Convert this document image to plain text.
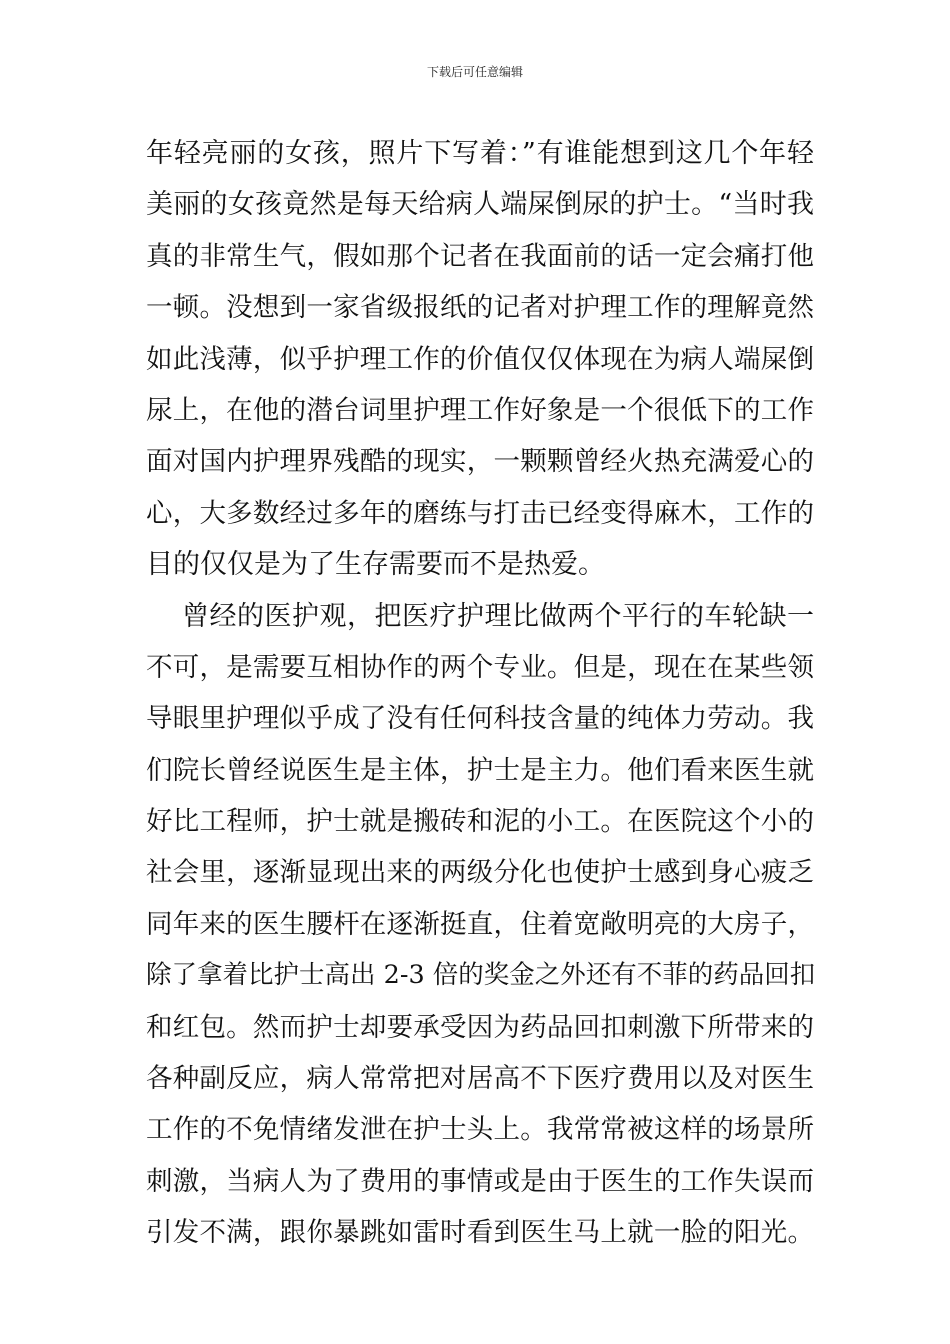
下载后可任意编辑
年轻亮丽的女孩，照片下写着：”有谁能想到这几个年轻
美丽的女孩竟然是每天给病人端屎倒尿的护士。“当时我
真的非常生气，假如那个记者在我面前的话一定会痛打他
一顿。没想到一家省级报纸的记者对护理工作的理解竟然
如此浅薄，似乎护理工作的价值仅仅体现在为病人端屎倒
尿上，在他的潜台词里护理工作好象是一个很低下的工作
面对国内护理界残酷的现实，一颗颗曾经火热充满爱心的
心，大多数经过多年的磨练与打击已经变得麻木，工作的
目的仅仅是为了生存需要而不是热爱。
曾经的医护观，把医疗护理比做两个平行的车轮缺一
不可，是需要互相协作的两个专业。但是，现在在某些领
导眼里护理似乎成了没有任何科技含量的纯体力劳动。我
们院长曾经说医生是主体，护士是主力。他们看来医生就
好比工程师，护士就是搬砖和泥的小工。在医院这个小的
社会里，逐渐显现出来的两级分化也使护士感到身心疲乏
同年来的医生腰杆在逐渐挺直，住着宽敞明亮的大房子，
除了拿着比护士高出 2-3 倍的奖金之外还有不菲的药品回扣
和红包。然而护士却要承受因为药品回扣刺激下所带来的
各种副反应，病人常常把对居高不下医疗费用以及对医生
工作的不免情绪发泄在护士头上。我常常被这样的场景所
刺激，当病人为了费用的事情或是由于医生的工作失误而
引发不满，跟你暴跳如雷时看到医生马上就一脸的阳光。
